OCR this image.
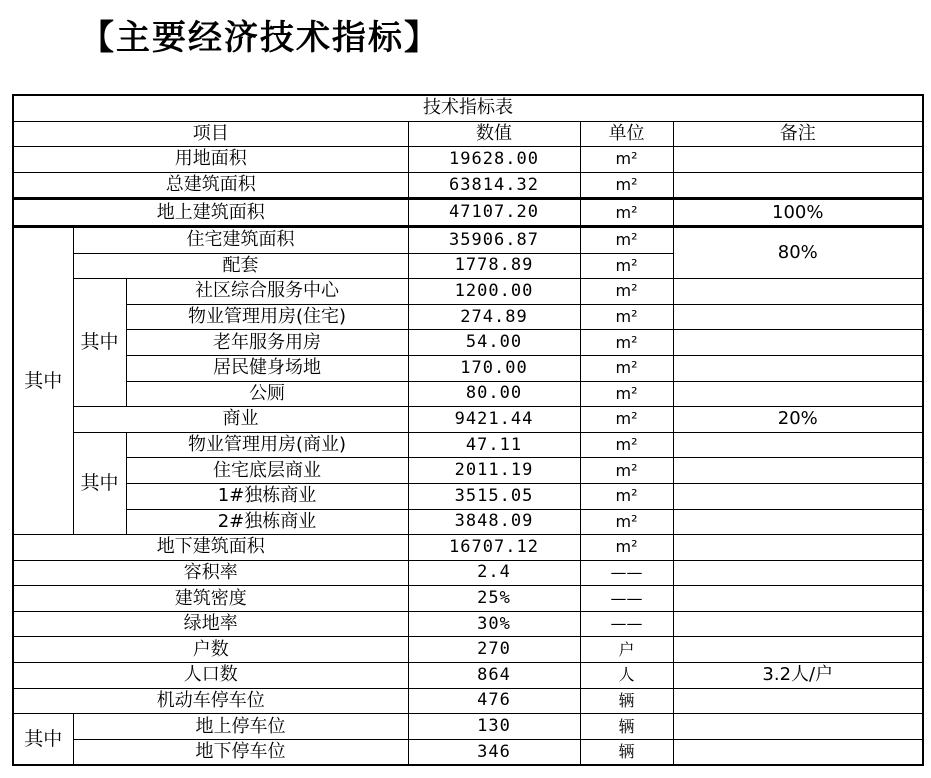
【主要经济技术指标】
技术指标表					
项目			数值	单位	备注
用地面积			19628.00	m²	
总建筑面积			63814.32	m²	
地上建筑面积			47107.20	m²	100%
其中	住宅建筑面积		35906.87	m²	80%
	配套		1778.89	m²	
	其中	社区综合服务中心	1200.00	m²	
		物业管理用房(住宅)	274.89	m²	
		老年服务用房	54.00	m²	
		居民健身场地	170.00	m²	
		公厕	80.00	m²	
	商业		9421.44	m²	20%
	其中	物业管理用房(商业)	47.11	m²	
		住宅底层商业	2011.19	m²	
		1#独栋商业	3515.05	m²	
		2#独栋商业	3848.09	m²	
地下建筑面积			16707.12	m²	
容积率			2.4	——	
建筑密度			25%	——	
绿地率			30%	——	
户数			270	户	
人口数			864	人	3.2人/户
机动车停车位			476	辆	
其中	地上停车位		130	辆	
	地下停车位		346	辆	
